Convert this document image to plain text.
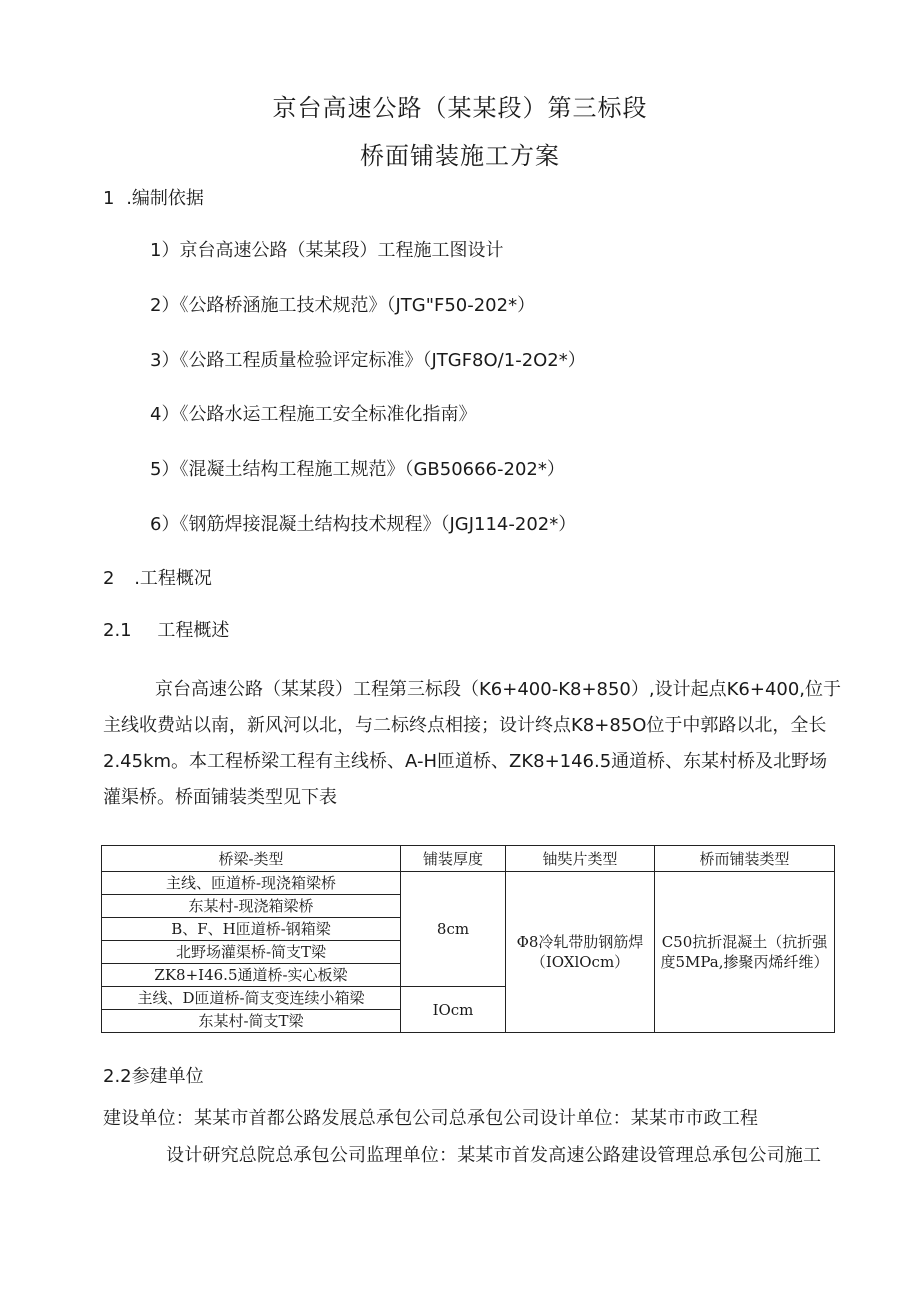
京台高速公路（某某段）第三标段
桥面铺装施工方案
1 .编制依据
1）京台高速公路（某某段）工程施工图设计
2）《公路桥涵施工技术规范》（JTG"F50-202*）
3）《公路工程质量检验评定标准》（JTGF8O∕1-2O2*）
4）《公路水运工程施工安全标准化指南》
5）《混凝土结构工程施工规范》（GB50666-202*）
6）《钢筋焊接混凝土结构技术规程》（JGJ114-202*）
2 .工程概况
2.1 工程概述
京台高速公路（某某段）工程第三标段（K6+400-K8+850）,设计起点K6+400,位于主线收费站以南，新风河以北，与二标终点相接；设计终点K8+85O位于中郭路以北，全长2.45km。本工程桥梁工程有主线桥、A-H匝道桥、ZK8+146.5通道桥、东某村桥及北野场灌渠桥。桥面铺装类型见下表
桥梁-类型	铺装厚度	铀奘片类型	桥而铺装类型
主线、匝道桥-现浇箱梁桥	8cm	Φ8冷轧带肋钢筋焊（IOXlOcm）	C50抗折混凝土（抗折强度5MPa,掺聚丙烯纤维）
东某村-现浇箱梁桥			
B、F、H匝道桥-钢箱梁			
北野场灌渠桥-简支T梁			
ZK8+I46.5通道桥-实心板梁			
主线、D匝道桥-简支变连续小箱梁	IOcm		
东某村-简支T梁			
2.2参建单位
建设单位：某某市首都公路发展总承包公司总承包公司设计单位：某某市市政工程
设计研究总院总承包公司监理单位：某某市首发高速公路建设管理总承包公司施工
